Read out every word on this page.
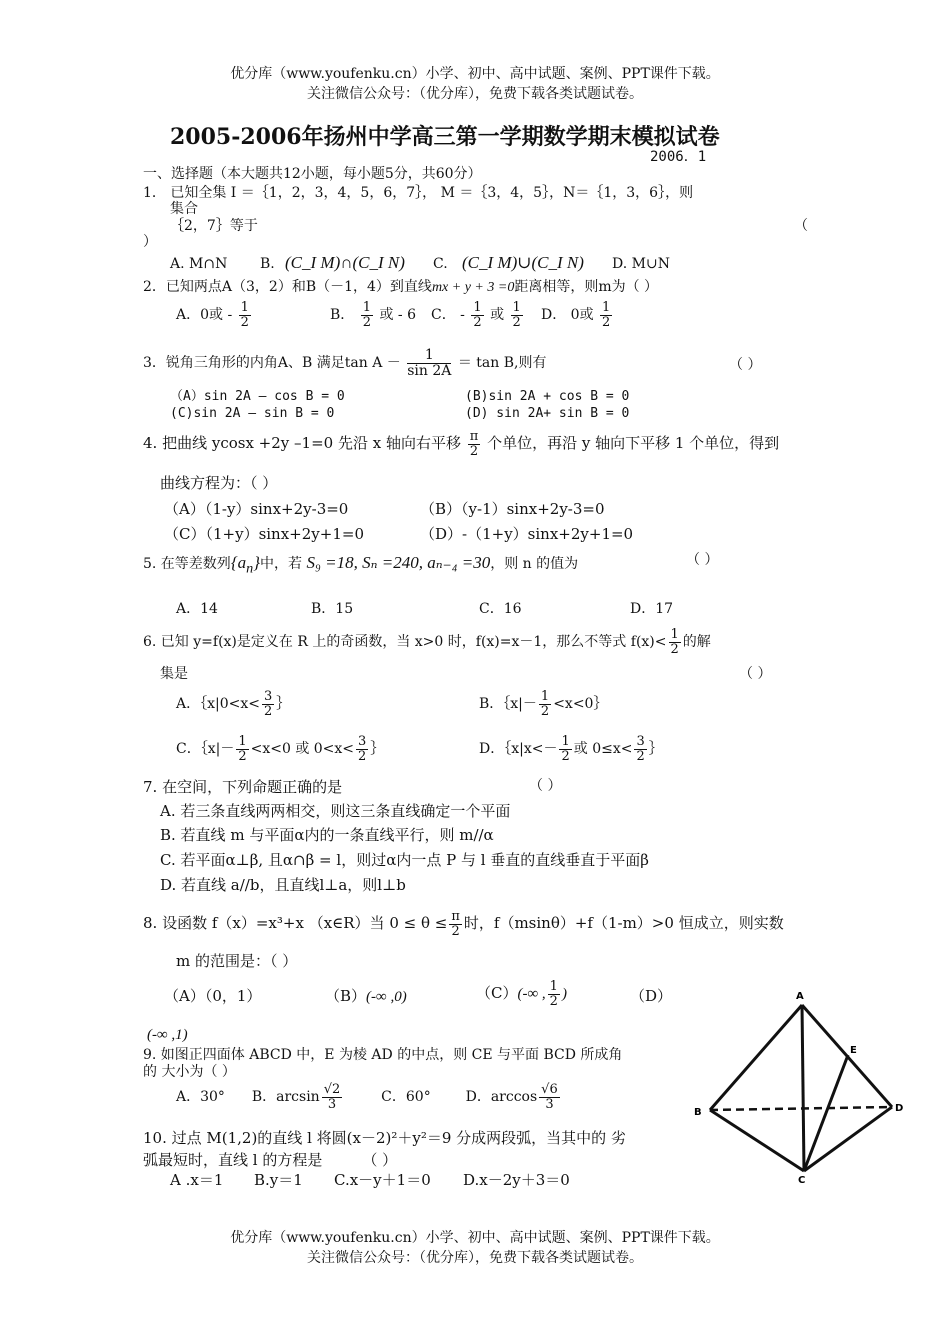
优分库（www.youfenku.cn）小学、初中、高中试题、案例、PPT课件下载。
关注微信公众号：（优分库），免费下载各类试题试卷。
2005-2006年扬州中学高三第一学期数学期末模拟试卷
2006．1
一、选择题（本大题共12小题，每小题5分，共60分）
1． 已知全集 I ＝｛1，2，3，4，5，6，7｝， M ＝｛3，4，5｝，N＝｛1，3，6｝，则
集合
｛2，7｝等于	（
）
A. M∩N B. (C_I M)∩(C_I N) C. (C_I M)∪(C_I N) D. M∪N
2．已知两点A（3，2）和B（－1，4）到直线mx + y + 3 =0距离相等，则m为（ ）
A．0或 - $\frac{1}{2}$	B． $\frac{1}{2}$ 或 - 6 C． - $\frac{1}{2}$ 或 $\frac{1}{2}$ D． 0或 $\frac{1}{2}$
3．锐角三角形的内角A、B 满足$\tan A - \frac{1}{\sin 2A} = \tan B$,则有	（ ）
（A）sin 2A – cos B = 0	(B)sin 2A + cos B = 0
(C)sin 2A – sin B = 0	(D) sin 2A+ sin B = 0
4. 把曲线 ycosx +2y –1=0 先沿 x 轴向右平移 $\frac{\pi}{2}$ 个单位，再沿 y 轴向下平移 1 个单位，得到
曲线方程为：（ ）
（A）（1-y）sinx+2y-3=0	（B）（y-1）sinx+2y-3=0
（C）（1+y）sinx+2y+1=0	（D）-（1+y）sinx+2y+1=0
5. 在等差数列$\{a_n\}$中，若 S₉ =18, Sₙ =240, aₙ₋₄ =30，则 n 的值为	（ ）
A．14	B．15	C．16	D．17
6. 已知 y=f(x)是定义在 R 上的奇函数，当 x>0 时，f(x)=x－1，那么不等式 $f(x)< \frac{1}{2}$ 的解
集是	（ ）
A．｛x|0<x< $\frac{3}{2}$ ｝	B．｛x|－ $\frac{1}{2}$ <x<0｝
C．｛x|－ $\frac{1}{2} <x<0$ 或 $0<x< \frac{3}{2}$ ｝	D．｛x|x<－ $\frac{1}{2}$ 或 $0\le x< \frac{3}{2}$ ｝
7. 在空间，下列命题正确的是	（ ）
A. 若三条直线两两相交，则这三条直线确定一个平面
B. 若直线 m 与平面α内的一条直线平行，则 m//α
C. 若平面α⊥β, 且α∩β = l，则过α内一点 P 与 l 垂直的直线垂直于平面β
D. 若直线 a//b，且直线l⊥a，则l⊥b
8. 设函数 f（x）=x³+x （x∈R）当 $0 \le \theta \le \frac{\pi}{2}$ 时，f（msinθ）+f（1-m）>0 恒成立，则实数
m 的范围是：（ ）
（A）（0，1）	（B）(-∞ ,0)	（C）(-∞ , $\frac{1}{2}$ )	（D）
(-∞ ,1)
9. 如图正四面体 ABCD 中，E 为棱 AD 的中点，则 CE 与平面 BCD 所成角
的 大小为（ ）
A．30° B．$\arcsin \frac{√2}{3}$	C．60° D．$\arccos \frac{√6}{3}$
10. 过点 M(1,2)的直线 l 将圆(x－2)²＋y²＝9 分成两段弧，当其中的 劣
弧最短时，直线 l 的方程是	（ ）
A .x＝1 B.y＝1 C.x－y＋1＝0 D.x－2y＋3＝0
A
B
C
D
E
优分库（www.youfenku.cn）小学、初中、高中试题、案例、PPT课件下载。
关注微信公众号：（优分库），免费下载各类试题试卷。
